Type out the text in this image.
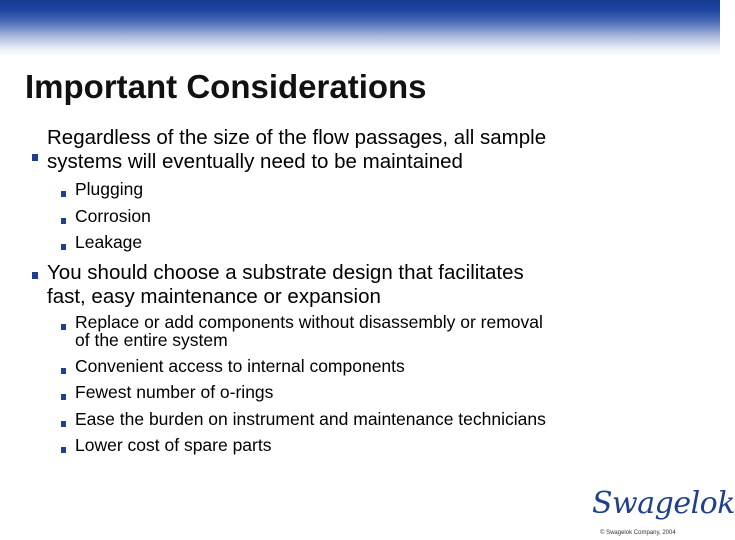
Important Considerations
Regardless of the size of the flow passages, all sample
systems will eventually need to be maintained
Plugging
Corrosion
Leakage
You should choose a substrate design that facilitates
fast, easy maintenance or expansion
Replace or add components without disassembly or removal
of the entire system
Convenient access to internal components
Fewest number of o-rings
Ease the burden on instrument and maintenance technicians
Lower cost of spare parts
Swagelok
© Swagelok Company, 2004
